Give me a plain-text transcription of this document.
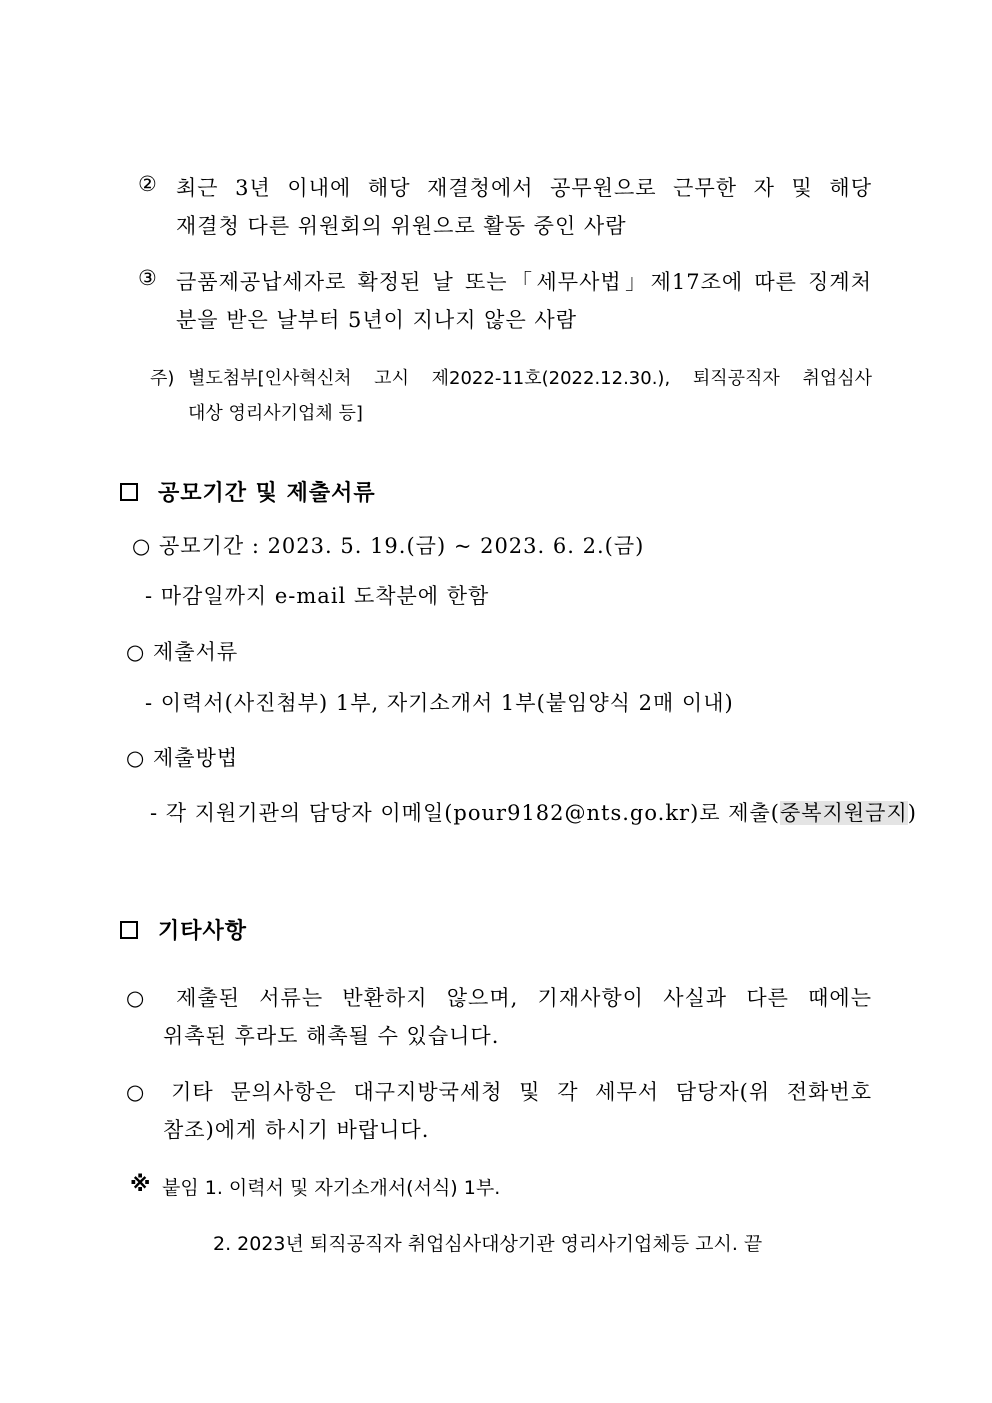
② 최근 3년 이내에 해당 재결청에서 공무원으로 근무한 자 및 해당
재결청 다른 위원회의 위원으로 활동 중인 사람
③ 금품제공납세자로 확정된 날 또는「세무사법」제17조에 따른 징계처
분을 받은 날부터 5년이 지나지 않은 사람
주) 별도첨부[인사혁신처 고시 제2022-11호(2022.12.30.), 퇴직공직자 취업심사
대상 영리사기업체 등]
공모기간 및 제출서류
○ 공모기간 : 2023. 5. 19.(금) ~ 2023. 6. 2.(금)
- 마감일까지 e-mail 도착분에 한함
○ 제출서류
- 이력서(사진첨부) 1부, 자기소개서 1부(붙임양식 2매 이내)
○ 제출방법
- 각 지원기관의 담당자 이메일(pour9182@nts.go.kr)로 제출(중복지원금지)
기타사항
○ 제출된 서류는 반환하지 않으며, 기재사항이 사실과 다른 때에는
위촉된 후라도 해촉될 수 있습니다.
○ 기타 문의사항은 대구지방국세청 및 각 세무서 담당자(위 전화번호
참조)에게 하시기 바랍니다.
※ 붙임 1. 이력서 및 자기소개서(서식) 1부.
2. 2023년 퇴직공직자 취업심사대상기관 영리사기업체등 고시. 끝
